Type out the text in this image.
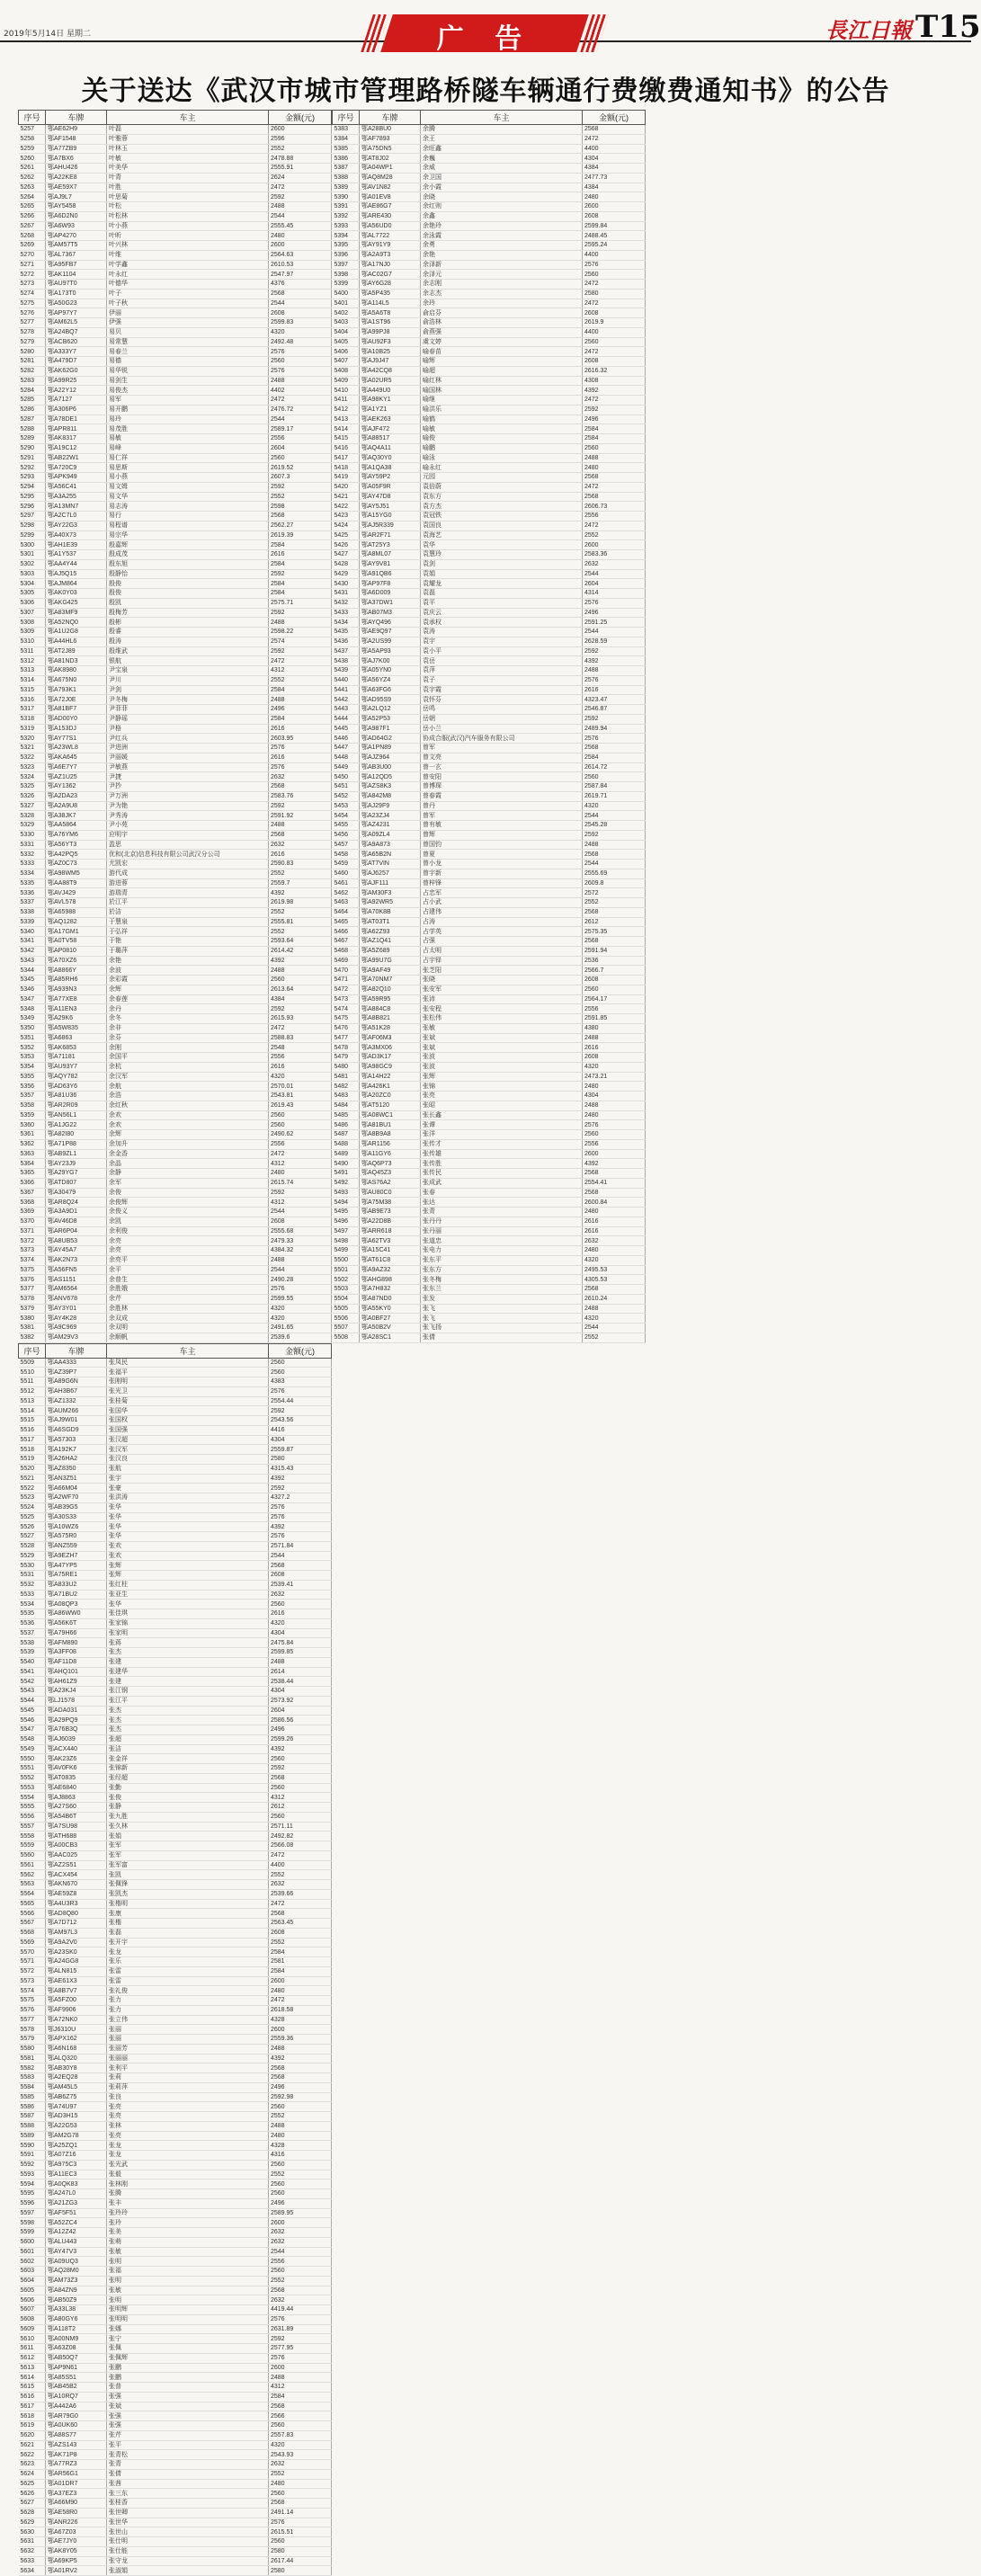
2019年5月14日 星期二	广 告	長江日報 T15
关于送达《武汉市城市管理路桥隧车辆通行费缴费通知书》的公告
序号	车牌	车主	金额(元)
5257	鄂AE62H9	叶磊	2600
5258	鄂AF1548	叶雅蓉	2596
5259	鄂A77ZB9	叶林玉	2552
5260	鄂A7BX6	叶敏	2478.88
5261	鄂AHU426	叶美华	2555.91
5262	鄂A22KE8	叶青	2624
5263	鄂AE59X7	叶胜	2472
5264	鄂AJ9L7	叶思菊	2592
5265	鄂AY5458	叶松	2488
5266	鄂A6D2N0	叶松林	2544
5267	鄂A6W93	叶小燕	2555.45
5268	鄂AP4270	叶昕	2480
5269	鄂AM57T5	叶兴林	2600
5270	鄂AL7367	叶维	2564.63
5271	鄂A95FB7	叶学鑫	2610.53
5272	鄂AK1104	叶永红	2547.97
5273	鄂AU97T0	叶德华	4376
5274	鄂A173T0	叶子	2568
5275	鄂A50G23	叶子秋	2544
5276	鄂AP97Y7	伊丽	2608
5277	鄂AM62L5	伊强	2599.83
5278	鄂A24BQ7	易贝	4320
5279	鄂ACB620	易常慧	2492.48
5280	鄂A333Y7	易春兰	2576
5281	鄂A479D7	易德	2560
5282	鄂AK62G0	易华锐	2576
5283	鄂A99R25	易剑生	2488
5284	鄂A22Y12	易俊杰	4402
5285	鄂A7127	易军	2472
5286	鄂A306P6	易开鹏	2476.72
5287	鄂A78DE1	易玲	2544
5288	鄂APR811	易茂胜	2589.17
5289	鄂AK8317	易敏	2556
5290	鄂A19C12	易峰	2604
5291	鄂AB22W1	易仁祥	2560
5292	鄂A720C9	易思斯	2619.52
5293	鄂APK949	易小燕	2607.3
5294	鄂A56C41	易文姆	2592
5295	鄂A3A255	易文华	2552
5296	鄂A13MN7	易志涛	2598
5297	鄂A2C7L0	易行	2568
5298	鄂AY22G3	易程谱	2562.27
5299	鄂A40X73	易宗华	2619.39
5300	鄂AH1E39	殷嘉辉	2584
5301	鄂A1Y537	殷成茂	2616
5302	鄂AA4Y44	殷东旭	2584
5303	鄂AJ5Q15	殷静怡	2592
5304	鄂AJM864	殷俊	2584
5305	鄂AK0Y03	殷俊	2584
5306	鄂AKG425	殷凯	2575.71
5307	鄂A83MF9	殷梅芳	2592
5308	鄂A52NQ0	殷彬	2488
5309	鄂A1U2G8	殷睿	2598.22
5310	鄂A44HL6	殷涛	2574
5311	鄂AT2J89	殷维武	2592
5312	鄂A81ND3	银航	2472
5313	鄂AK8980	尹宝泉	4312
5314	鄂A675N0	尹川	2552
5315	鄂A793K1	尹剑	2584
5316	鄂A72J0E	尹冬梅	2488
5317	鄂A81BF7	尹菲菲	2496
5318	鄂AD00Y0	尹静瑶	2584
5319	鄂A153DJ	尹格	2616
5320	鄂AY77S1	尹红兵	2603.95
5321	鄂A23WL8	尹进洲	2576
5322	鄂AKA645	尹丽媛	2616
5323	鄂A6E7Y7	尹敏燕	2576
5324	鄂AZ1U25	尹捷	2632
5325	鄂AY1362	尹抄	2568
5326	鄂A2DA23	尹万洲	2583.76
5327	鄂A2A9U8	尹为艳	2592
5328	鄂A38JK7	尹秀涛	2591.92
5329	鄂AA5864	尹小苑	2488
5330	鄂A76YM6	应明宇	2568
5331	鄂A56YT3	盈思	2632
5332	鄂A42PQ5	优和(北京)信息科技有限公司武汉分公司	2616
5333	鄂AZ0C73	尤凯宏	2590.83
5334	鄂A98WM5	游代成	2552
5335	鄂AA88T9	游进蓉	2559.7
5336	鄂AVJ429	游瑞青	4392
5337	鄂AVL578	於江平	2619.98
5338	鄂A65988	於洁	2552
5339	鄂AQ1282	于慧泉	2555.81
5340	鄂A17GM1	于弘祥	2552
5341	鄂A0TV58	于艳	2593.64
5342	鄂AP0810	于璐萍	2614.42
5343	鄂A70XZ6	余艳	4392
5344	鄂A8866Y	余波	2488
5345	鄂A85RH6	余彩霞	2560
5346	鄂A939N3	余辉	2613.64
5347	鄂A77XE8	余春莲	4384
5348	鄂A11EN3	余丹	2592
5349	鄂A29K6	余冬	2615.93
5350	鄂A5W835	余非	2472
5351	鄂A6863	余芬	2588.83
5352	鄂AK6853	余刚	2548
5353	鄂A71181	余国平	2556
5354	鄂AU93Y7	余杭	2616
5355	鄂AQY782	余汉军	4320
5356	鄂AD63Y6	余航	2570.01
5357	鄂A81U36	余浩	2543.81
5358	鄂AR2R09	余红秋	2619.43
5359	鄂AN56L1	余欢	2560
5360	鄂A1JG22	余欢	2560
5361	鄂A82I80	余辉	2490.62
5362	鄂A71P88	余加升	2556
5363	鄂AB9ZL1	余金香	2472
5364	鄂AY23J9	余晶	4312
5365	鄂A29YG7	余静	2480
5366	鄂ATD807	余军	2615.74
5367	鄂A30479	余俊	2592
5368	鄂AR8Q24	余俊辉	4312
5369	鄂A3A9D1	余俊义	2544
5370	鄂AV46D8	余凯	2608
5371	鄂AR6P04	余利俊	2555.68
5372	鄂A8UB53	余亮	2479.33
5373	鄂AY45A7	余亮	4384.32
5374	鄂AK2N73	余亮平	2488
5375	鄂A56FN5	余平	2544
5376	鄂AS1151	余普生	2490.28
5377	鄂AM6564	余胜娥	2576
5378	鄂ANV678	余芹	2599.55
5379	鄂AY3Y01	余胜林	4320
5380	鄂AY4K28	余双成	4320
5381	鄂A9C969	余双明	2491.65
5382	鄂AM29V3	余顺帆	2539.6
序号	车牌	车主	金额(元)
5383	鄂A28BU0	余腾	2568
5384	鄂AF7893	余王	2472
5385	鄂A75DN5	余旺鑫	4400
5386	鄂AT8J02	余巍	4304
5387	鄂A04WP1	余威	4384
5388	鄂AQ8M28	余卫国	2477.73
5389	鄂AV1N82	余小霞	4384
5390	鄂A01EV8	余晓	2480
5391	鄂AE86G7	余红则	2600
5392	鄂ARE430	余鑫	2608
5393	鄂A56UD0	余艳玲	2599.84
5394	鄂AL7722	余泳霞	2488.45
5395	鄂AY91Y9	余勇	2595.24
5396	鄂A2A9T3	余艳	4400
5397	鄂A17NJ0	余泽新	2576
5398	鄂AC02G7	余泽元	2560
5399	鄂AY6G28	余志刚	2472
5400	鄂A5P435	余志杰	2580
5401	鄂A114L5	余玲	2472
5402	鄂A5A6T8	俞启芬	2608
5403	鄂A1ST96	俞浩林	2619.9
5404	鄂A99PJ8	俞燕强	4400
5405	鄂AU92F3	虞文婷	2560
5406	鄂A10B25	喻春苗	2472
5407	鄂AJ9J47	喻辉	2608
5408	鄂A42CQ8	喻超	2616.32
5409	鄂A02UR5	喻红林	4308
5410	鄂A449U0	喻国林	4392
5411	鄂A98KY1	喻继	2472
5412	鄂A1YZ1	喻洪乐	2592
5413	鄂AEK263	喻鹤	2496
5414	鄂AJF472	喻敏	2584
5415	鄂A88517	喻俊	2584
5416	鄂AQ4A11	喻鹏	2560
5417	鄂AQ30Y0	喻泳	2488
5418	鄂A1QA38	喻永红	2480
5419	鄂AY59P2	元园	2568
5420	鄂A05F9R	袁倍蔚	2472
5421	鄂AY47D8	袁东方	2568
5422	鄂AY5J51	袁方杰	2606.73
5423	鄂A15YG0	袁冠铁	2556
5424	鄂AJ5R339	袁国良	2472
5425	鄂AR2F71	袁海艺	2552
5426	鄂AT25Y3	袁华	2600
5427	鄂A8ML07	袁慧玲	2583.36
5428	鄂AY9V81	袁剑	2632
5429	鄂A91QB6	袁娟	2544
5430	鄂AP97F8	袁耀龙	2604
5431	鄂A6D009	袁磊	4314
5432	鄂A37DW1	袁平	2576
5433	鄂AB07M3	袁庆云	2496
5434	鄂AYQ496	袁承权	2591.25
5435	鄂AE9Q97	袁涛	2544
5436	鄂A2US99	袁宇	2628.59
5437	鄂A5AP93	袁小平	2592
5438	鄂AJ7K00	袁岳	4392
5439	鄂A05YN0	袁萍	2488
5440	鄂A56YZ4	袁子	2576
5441	鄂A63FG6	袁宇霞	2616
5442	鄂AD95S9	袁怀芬	4323.47
5443	鄂A2LQ12	岳鸣	2546.87
5444	鄂A52P53	岳朝	2592
5445	鄂A987F1	岳小兰	2489.94
5446	鄂AD64G2	协成合服(武汉)汽车服务有限公司	2576
5447	鄂A1PN89	曾军	2568
5448	鄂AJZ964	曾文亮	2584
5449	鄂AB3U00	曾一玄	2614.72
5450	鄂A12QD5	曾安阳	2560
5451	鄂AZS8K3	曾博琛	2587.84
5452	鄂A842M8	曾春霞	2619.71
5453	鄂AJ29F9	曾丹	4320
5454	鄂A23ZJ4	曾军	2544
5455	鄂AZ4231	曾有敏	2545.28
5456	鄂A09ZL4	曾辉	2592
5457	鄂A9A873	曾国钧	2488
5458	鄂A65B2N	曾夏	2568
5459	鄂AT7VIN	曾小龙	2544
5460	鄂AJ6257	曾宇新	2555.69
5461	鄂AJF111	曾梓锋	2609.8
5462	鄂AM30F3	占忠军	2572
5463	鄂A92WR5	占小武	2552
5464	鄂A70K8B	占建伟	2568
5465	鄂AT03T1	占涛	2612
5466	鄂A62Z93	占学英	2575.35
5467	鄂AZ1Q41	占强	2568
5468	鄂A5Z689	占太明	2591.94
5469	鄂A99U7G	占宇铎	2536
5470	鄂A9AF49	张芝阳	2566.7
5471	鄂A70NM7	张晓	2608
5472	鄂A82Q10	张安军	2560
5473	鄂A59R95	张沛	2564.17
5474	鄂A884C8	张安程	2556
5475	鄂A8B821	张松伟	2591.85
5476	鄂A51K28	张敏	4380
5477	鄂AF06M3	张斌	2488
5478	鄂A3MX06	张斌	2616
5479	鄂AD3K17	张波	2608
5480	鄂A98GC9	张波	4320
5481	鄂A14H22	张辉	2473.21
5482	鄂A426K1	张锦	2480
5483	鄂A20ZC0	张亮	4304
5484	鄂AT5120	张昭	2488
5485	鄂A08WC1	张长鑫	2480
5486	鄂A81BU1	张谭	2576
5487	鄂A8B9A8	张洋	2560
5488	鄂AR1156	张传才	2556
5489	鄂A11GY6	张传雄	2600
5490	鄂AQ6P73	张传胜	4392
5491	鄂AQ45Z3	张传民	2568
5492	鄂AS76A2	张成武	2554.41
5493	鄂AU80C0	张春	2568
5494	鄂A75M38	张达	2600.84
5495	鄂AB9E73	张青	2480
5496	鄂A22D8B	张丹丹	2616
5497	鄂ARR618	张丹丽	2616
5498	鄂A62TV3	张道忠	2632
5499	鄂A15C41	张电力	2480
5500	鄂AT61C8	张东平	4320
5501	鄂A9AZ32	张东方	2495.53
5502	鄂AHG898	张冬梅	4305.53
5503	鄂A7H832	张东兰	2568
5504	鄂A87ND0	张发	2610.24
5505	鄂A55KY0	张飞	2488
5506	鄂A0BF27	张飞	4320
5507	鄂A50B2V	张飞扬	2544
5508	鄂A28SC1	张倩	2552
序号	车牌	车主	金额(元)
5509	鄂AA4333	张凤民	2560
5510	鄂AZ39P7	张福平	2560
5511	鄂A89G6N	张刚明	4383
5512	鄂AH3B67	张光卫	2576
5513	鄂AZ1332	张桂菊	2554.44
5514	鄂AUM266	张国华	2592
5515	鄂AJ9W01	张国权	2543.56
5516	鄂A6SGD9	张国强	4416
5517	鄂A57303	张汉超	4304
5518	鄂A192K7	张汉军	2559.87
5519	鄂A26HA2	张汉良	2580
5520	鄂AZ8350	张航	4315.43
5521	鄂AN3Z51	张宇	4392
5522	鄂A66M04	张豪	2592
5523	鄂A2WF70	张洪涛	4327.2
5524	鄂AB39G5	张华	2576
5525	鄂A30S33	张华	2576
5526	鄂A10WZ6	张华	4392
5527	鄂A575R0	张华	2576
5528	鄂ANZ559	张欢	2571.84
5529	鄂A9EZH7	张欢	2544
5530	鄂A47YP5	张辉	2568
5531	鄂A75RE1	张辉	2608
5532	鄂A833U2	张红柱	2539.41
5533	鄂A71BU2	张亚生	2632
5534	鄂A08QP3	张华	2560
5535	鄂A86WW0	张佳琪	2616
5536	鄂A56K6T	张家锦	4320
5537	鄂A79H66	张家明	4304
5538	鄂AFM890	张蒋	2475.84
5539	鄂A3FF08	张杰	2599.85
5540	鄂AF11D8	张建	2488
5541	鄂AHQ101	张建华	2614
5542	鄂AH61Z9	张建	2538.44
5543	鄂A23KJ4	张江钢	4304
5544	鄂LJ1578	张江平	2573.92
5545	鄂ADA031	张杰	2604
5546	鄂A29PQ9	张杰	2586.56
5547	鄂A76B3Q	张杰	2496
5548	鄂AJ6039	张超	2599.26
5549	鄂ACX440	张洁	4392
5550	鄂AK23Z6	张金祥	2560
5551	鄂AV0FK6	张锦新	2592
5552	鄂AT0835	张经超	2568
5553	鄂AE6840	张勤	2560
5554	鄂AJ8863	张俊	4312
5555	鄂A27S60	张静	2612
5556	鄂A54B6T	张九胜	2560
5557	鄂A7SU98	张久林	2571.11
5558	鄂ATH688	张娟	2492.82
5559	鄂A00CB3	张军	2566.08
5560	鄂AAC025	张军	2472
5561	鄂AZ2S51	张军富	4400
5562	鄂ACX454	张凯	2552
5563	鄂AKN670	张佩锋	2632
5564	鄂AE59Z8	张凯杰	2539.66
5565	鄂A4U3R3	张楷明	2472
5566	鄂AD8Q80	张康	2568
5567	鄂A7D712	张楷	2563.45
5568	鄂AM97L3	张磊	2608
5569	鄂A9A2V0	张开宇	2552
5570	鄂A23SK0	张龙	2584
5571	鄂A24GG8	张乐	2581
5572	鄂ALN815	张雷	2584
5573	鄂AE61X3	张雷	2600
5574	鄂A8B7V7	张礼俊	2480
5575	鄂A5FZ00	张力	2472
5576	鄂AF9906	张力	2618.58
5577	鄂A72NK0	张立伟	4328
5578	鄂J6310U	张丽	2600
5579	鄂APX162	张丽	2559.36
5580	鄂A6N168	张丽芳	2488
5581	鄂ALQ320	张丽丽	4392
5582	鄂AB30Y8	张利平	2568
5583	鄂A2EQ28	张莉	2568
5584	鄂AM45L5	张莉萍	2496
5585	鄂AB6Z75	张良	2592.98
5586	鄂A74U97	张亮	2560
5587	鄂AD3H15	张亮	2552
5588	鄂A22G53	张林	2488
5589	鄂AM2G78	张亮	2480
5590	鄂A25ZQ1	张龙	4328
5591	鄂A07Z16	张龙	4316
5592	鄂A975C3	张光武	2560
5593	鄂A11EC3	张毅	2552
5594	鄂A0QK83	张林刚	2560
5595	鄂A247L0	张腾	2560
5596	鄂A21ZG3	张丰	2496
5597	鄂AF5F51	张玲玲	2589.95
5598	鄂A52ZC4	张玲	2600
5599	鄂A12Z42	张美	2632
5600	鄂ALU443	张萌	2632
5601	鄂AY47V3	张敏	2544
5602	鄂A09UQ3	张明	2556
5603	鄂AQ28M0	张福	2560
5604	鄂AM73Z3	张明	2552
5605	鄂A84ZN9	张敏	2568
5606	鄂AB50Z9	张明	2632
5607	鄂A33L38	张明辉	4419.44
5608	鄂A80GY6	张明明	2576
5609	鄂A118T2	张娜	2631.89
5610	鄂A00NM9	张宁	2592
5611	鄂A63Z08	张佩	2577.95
5612	鄂AB50Q7	张佩辉	2576
5613	鄂AP9N61	张鹏	2600
5614	鄂A85S51	张鹏	2488
5615	鄂AB45B2	张普	4312
5616	鄂A10RQ7	张强	2584
5617	鄂A442A6	张斌	2568
5618	鄂AR79G0	张强	2566
5619	鄂A0UK60	张强	2560
5620	鄂A88S77	张芹	2557.83
5621	鄂AZS143	张平	4320
5622	鄂AK71P8	张青松	2543.93
5623	鄂A77RZ3	张青	2632
5624	鄂AR56G1	张倩	2552
5625	鄂A01DR7	张茜	2480
5626	鄂A37EZ3	张三东	2560
5627	鄂A66M90	张桂香	2568
5628	鄂AE58R0	张世卿	2491.14
5629	鄂ANR226	张世华	2576
5630	鄂A67Z03	张世山	2615.51
5631	鄂AE7JY0	张仕明	2560
5632	鄂AK8Y05	张仕能	2580
5633	鄂A69KP5	张守龙	2617.44
5634	鄂A01RV2	张淑娟	2580
